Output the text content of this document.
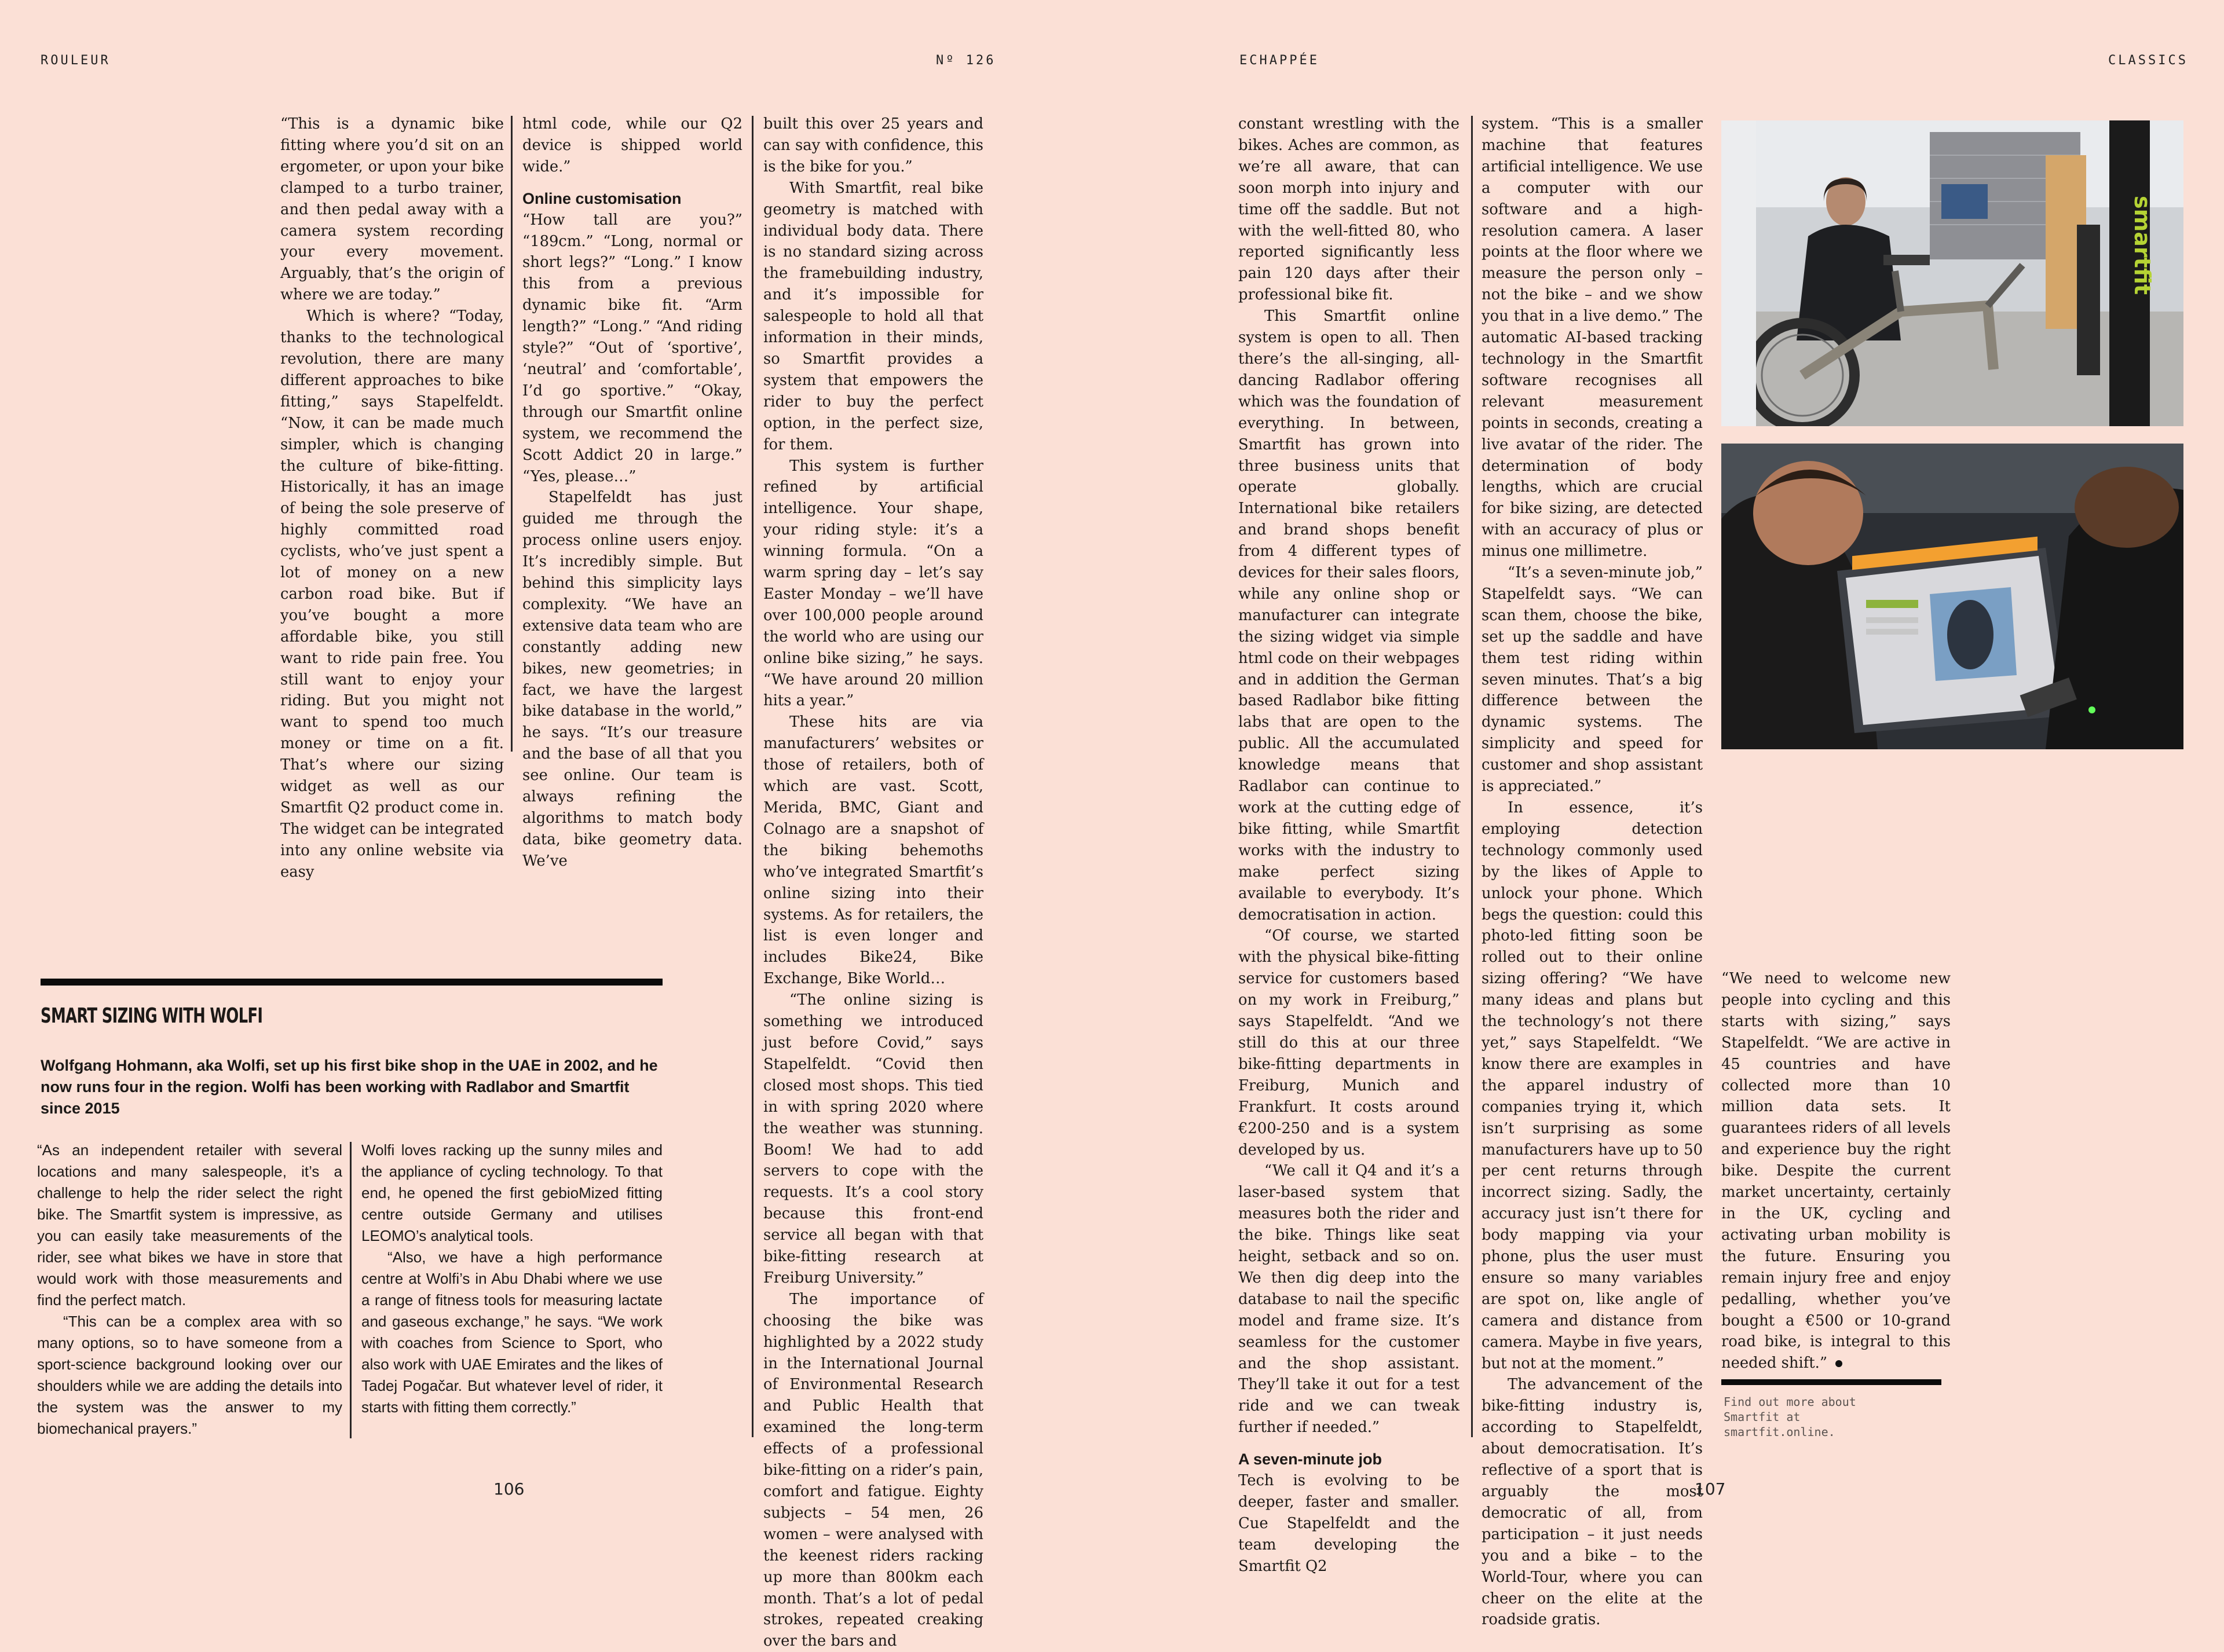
ROULEUR	Nº 126	ECHAPPÉE	CLASSICS

“This is a dynamic bike fitting where you’d sit on an ergometer, or upon your bike clamped to a turbo trainer, and then pedal away with a camera system recording your every movement. Arguably, that’s the origin of where we are today.”

Which is where? “Today, thanks to the technological revolution, there are many different approaches to bike fitting,” says Stapelfeldt. “Now, it can be made much simpler, which is changing the culture of bike-fitting. Historically, it has an image of being the sole preserve of highly committed road cyclists, who’ve just spent a lot of money on a new carbon road bike. But if you’ve bought a more affordable bike, you still want to ride pain free. You still want to enjoy your riding. But you might not want to spend too much money or time on a fit. That’s where our sizing widget as well as our Smartfit Q2 product come in. The widget can be integrated into any online website via easy

html code, while our Q2 device is shipped world wide.”

Online customisation

“How tall are you?” “189cm.” “Long, normal or short legs?” “Long.” I know this from a previous dynamic bike fit. “Arm length?” “Long.” “And riding style?” “Out of ‘sportive’, ‘neutral’ and ‘comfortable’, I’d go sportive.” “Okay, through our Smartfit online system, we recommend the Scott Addict 20 in large.” “Yes, please…”

Stapelfeldt has just guided me through the process online users enjoy. It’s incredibly simple. But behind this simplicity lays complexity. “We have an extensive data team who are constantly adding new bikes, new geometries; in fact, we have the largest bike database in the world,” he says. “It’s our treasure and the base of all that you see online. Our team is always refining the algorithms to match body data, bike geometry data. We’ve

built this over 25 years and can say with confidence, this is the bike for you.”

With Smartfit, real bike geometry is matched with individual body data. There is no standard sizing across the framebuilding industry, and it’s impossible for salespeople to hold all that information in their minds, so Smartfit provides a system that empowers the rider to buy the perfect option, in the perfect size, for them.

This system is further refined by artificial intelligence. Your shape, your riding style: it’s a winning formula. “On a warm spring day – let’s say Easter Monday – we’ll have over 100,000 people around the world who are using our online bike sizing,” he says. “We have around 20 million hits a year.”

These hits are via manufacturers’ websites or those of retailers, both of which are vast. Scott, Merida, BMC, Giant and Colnago are a snapshot of the biking behemoths who’ve integrated Smartfit’s online sizing into their systems. As for retailers, the list is even longer and includes Bike24, Bike Exchange, Bike World…

“The online sizing is something we introduced just before Covid,” says Stapelfeldt. “Covid then closed most shops. This tied in with spring 2020 where the weather was stunning. Boom! We had to add servers to cope with the requests. It’s a cool story because this front-end service all began with that bike-fitting research at Freiburg University.”

The importance of choosing the bike was highlighted by a 2022 study in the International Journal of Environmental Research and Public Health that examined the long-term effects of a professional bike-fitting on a rider’s pain, comfort and fatigue. Eighty subjects – 54 men, 26 women – were analysed with the keenest riders racking up more than 800km each month. That’s a lot of pedal strokes, repeated creaking over the bars and

SMART SIZING WITH WOLFI
Wolfgang Hohmann, aka Wolfi, set up his first bike shop in the UAE in 2002, and he now runs four in the region. Wolfi has been working with Radlabor and Smartfit since 2015

“As an independent retailer with several locations and many salespeople, it’s a challenge to help the rider select the right bike. The Smartfit system is impressive, as you can easily take measurements of the rider, see what bikes we have in store that would work with those measurements and find the perfect match.

“This can be a complex area with so many options, so to have someone from a sport-science background looking over our shoulders while we are adding the details into the system was the answer to my biomechanical prayers.”

Wolfi loves racking up the sunny miles and the appliance of cycling technology. To that end, he opened the first gebioMized fitting centre outside Germany and utilises LEOMO’s analytical tools.

“Also, we have a high performance centre at Wolfi’s in Abu Dhabi where we use a range of fitness tools for measuring lactate and gaseous exchange,” he says. “We work with coaches from Science to Sport, who also work with UAE Emirates and the likes of Tadej Pogačar. But whatever level of rider, it starts with fitting them correctly.”

constant wrestling with the bikes. Aches are common, as we’re all aware, that can soon morph into injury and time off the saddle. But not with the well-fitted 80, who reported significantly less pain 120 days after their professional bike fit.

This Smartfit online system is open to all. Then there’s the all-singing, all-dancing Radlabor offering which was the foundation of everything. In between, Smartfit has grown into three business units that operate globally. International bike retailers and brand shops benefit from 4 different types of devices for their sales floors, while any online shop or manufacturer can integrate the sizing widget via simple html code on their webpages and in addition the German based Radlabor bike fitting labs that are open to the public. All the accumulated knowledge means that Radlabor can continue to work at the cutting edge of bike fitting, while Smartfit works with the industry to make perfect sizing available to everybody. It’s democratisation in action.

“Of course, we started with the physical bike-fitting service for customers based on my work in Freiburg,” says Stapelfeldt. “And we still do this at our three bike-fitting departments in Freiburg, Munich and Frankfurt. It costs around €200-250 and is a system developed by us.

“We call it Q4 and it’s a laser-based system that measures both the rider and the bike. Things like seat height, setback and so on. We then dig deep into the database to nail the specific model and frame size. It’s seamless for the customer and the shop assistant. They’ll take it out for a test ride and we can tweak further if needed.”

A seven-minute job

Tech is evolving to be deeper, faster and smaller. Cue Stapelfeldt and the team developing the Smartfit Q2

system. “This is a smaller machine that features artificial intelligence. We use a computer with our software and a high-resolution camera. A laser points at the floor where we measure the person only – not the bike – and we show you that in a live demo.” The automatic AI-based tracking technology in the Smartfit software recognises all relevant measurement points in seconds, creating a live avatar of the rider. The determination of body lengths, which are crucial for bike sizing, are detected with an accuracy of plus or minus one millimetre.

“It’s a seven-minute job,” Stapelfeldt says. “We can scan them, choose the bike, set up the saddle and have them test riding within seven minutes. That’s a big difference between the dynamic systems. The simplicity and speed for customer and shop assistant is appreciated.”

In essence, it’s employing detection technology commonly used by the likes of Apple to unlock your phone. Which begs the question: could this photo-led fitting soon be rolled out to their online sizing offering? “We have many ideas and plans but the technology’s not there yet,” says Stapelfeldt. “We know there are examples in the apparel industry of companies trying it, which isn’t surprising as some manufacturers have up to 50 per cent returns through incorrect sizing. Sadly, the accuracy just isn’t there for body mapping via your phone, plus the user must ensure so many variables are spot on, like angle of camera and distance from camera. Maybe in five years, but not at the moment.”

The advancement of the bike-fitting industry is, according to Stapelfeldt, about democratisation. It’s reflective of a sport that is arguably the most democratic of all, from participation – it just needs you and a bike – to the World-Tour, where you can cheer on the elite at the roadside gratis.

smartfit

“We need to welcome new people into cycling and this starts with sizing,” says Stapelfeldt. “We are active in 45 countries and have collected more than 10 million data sets. It guarantees riders of all levels and experience buy the right bike. Despite the current market uncertainty, certainly in the UK, cycling and activating urban mobility is the future. Ensuring you remain injury free and enjoy pedalling, whether you’ve bought a €500 or 10-grand road bike, is integral to this needed shift.”

Find out more about Smartfit at smartfit.online.
106	107
